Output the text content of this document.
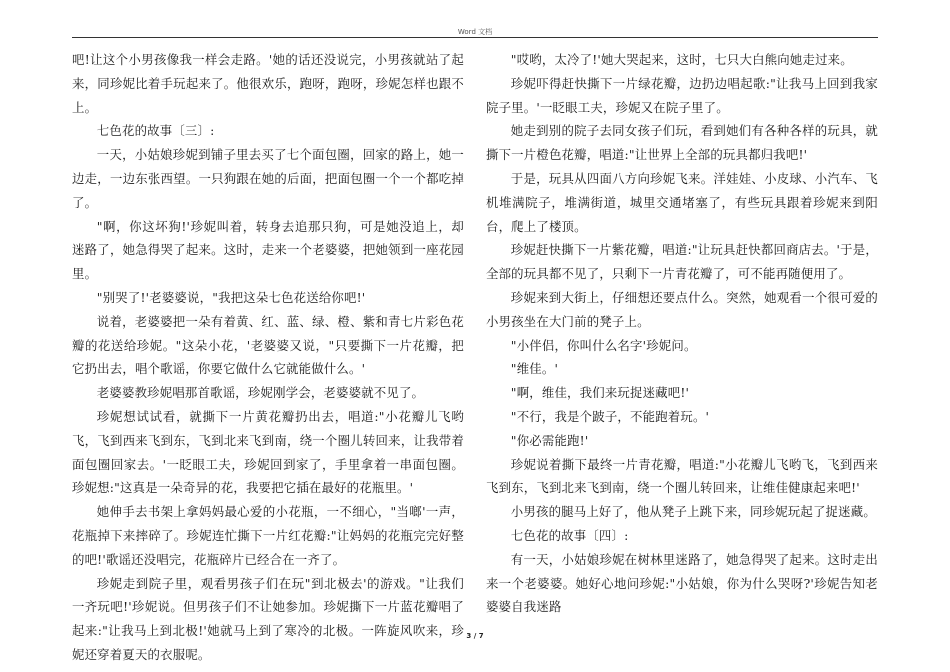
Word 文档

吧!让这个小男孩像我一样会走路。'她的话还没说完，小男孩就站了起来，同珍妮比着手玩起来了。他很欢乐，跑呀，跑呀，珍妮怎样也跟不上。

七色花的故事〔三〕:

一天，小姑娘珍妮到铺子里去买了七个面包圈，回家的路上，她一边走，一边东张西望。一只狗跟在她的后面，把面包圈一个一个都吃掉了。

"啊，你这坏狗!'珍妮叫着，转身去追那只狗，可是她没追上，却迷路了，她急得哭了起来。这时，走来一个老婆婆，把她领到一座花园里。

"别哭了!'老婆婆说，"我把这朵七色花送给你吧!'

说着，老婆婆把一朵有着黄、红、蓝、绿、橙、紫和青七片彩色花瓣的花送给珍妮。"这朵小花，'老婆婆又说，"只要撕下一片花瓣，把它扔出去，唱个歌谣，你要它做什么它就能做什么。'

老婆婆教珍妮唱那首歌谣，珍妮刚学会，老婆婆就不见了。

珍妮想试试看，就撕下一片黄花瓣扔出去，唱道:"小花瓣儿飞哟飞，飞到西来飞到东，飞到北来飞到南，绕一个圈儿转回来，让我带着面包圈回家去。'一眨眼工夫，珍妮回到家了，手里拿着一串面包圈。珍妮想:"这真是一朵奇异的花，我要把它插在最好的花瓶里。'

她伸手去书架上拿妈妈最心爱的小花瓶，一不细心，"当啷'一声，花瓶掉下来摔碎了。珍妮连忙撕下一片红花瓣:"让妈妈的花瓶完完好整的吧!'歌谣还没唱完，花瓶碎片已经合在一齐了。

珍妮走到院子里，观看男孩子们在玩"到北极去'的游戏。"让我们一齐玩吧!'珍妮说。但男孩子们不让她参加。珍妮撕下一片蓝花瓣唱了起来:"让我马上到北极!'她就马上到了寒冷的北极。一阵旋风吹来，珍妮还穿着夏天的衣服呢。

"哎哟，太冷了!'她大哭起来，这时，七只大白熊向她走过来。

珍妮吓得赶快撕下一片绿花瓣，边扔边唱起歌:"让我马上回到我家院子里。'一眨眼工夫，珍妮又在院子里了。

她走到别的院子去同女孩子们玩，看到她们有各种各样的玩具，就撕下一片橙色花瓣，唱道:"让世界上全部的玩具都归我吧!'

于是，玩具从四面八方向珍妮飞来。洋娃娃、小皮球、小汽车、飞机堆满院子，堆满街道，城里交通堵塞了，有些玩具跟着珍妮来到阳台，爬上了楼顶。

珍妮赶快撕下一片紫花瓣，唱道:"让玩具赶快都回商店去。'于是，全部的玩具都不见了，只剩下一片青花瓣了，可不能再随便用了。

珍妮来到大街上，仔细想还要点什么。突然，她观看一个很可爱的小男孩坐在大门前的凳子上。

"小伴侣，你叫什么名字'珍妮问。

"维佳。'

"啊，维佳，我们来玩捉迷藏吧!'

"不行，我是个跛子，不能跑着玩。'

"你必需能跑!'

珍妮说着撕下最终一片青花瓣，唱道:"小花瓣儿飞哟飞，飞到西来飞到东，飞到北来飞到南，绕一个圈儿转回来，让维佳健康起来吧!'

小男孩的腿马上好了，他从凳子上跳下来，同珍妮玩起了捉迷藏。

七色花的故事〔四〕:

有一天，小姑娘珍妮在树林里迷路了，她急得哭了起来。这时走出来一个老婆婆。她好心地问珍妮:"小姑娘，你为什么哭呀?'珍妮告知老婆婆自我迷路

3 / 7
